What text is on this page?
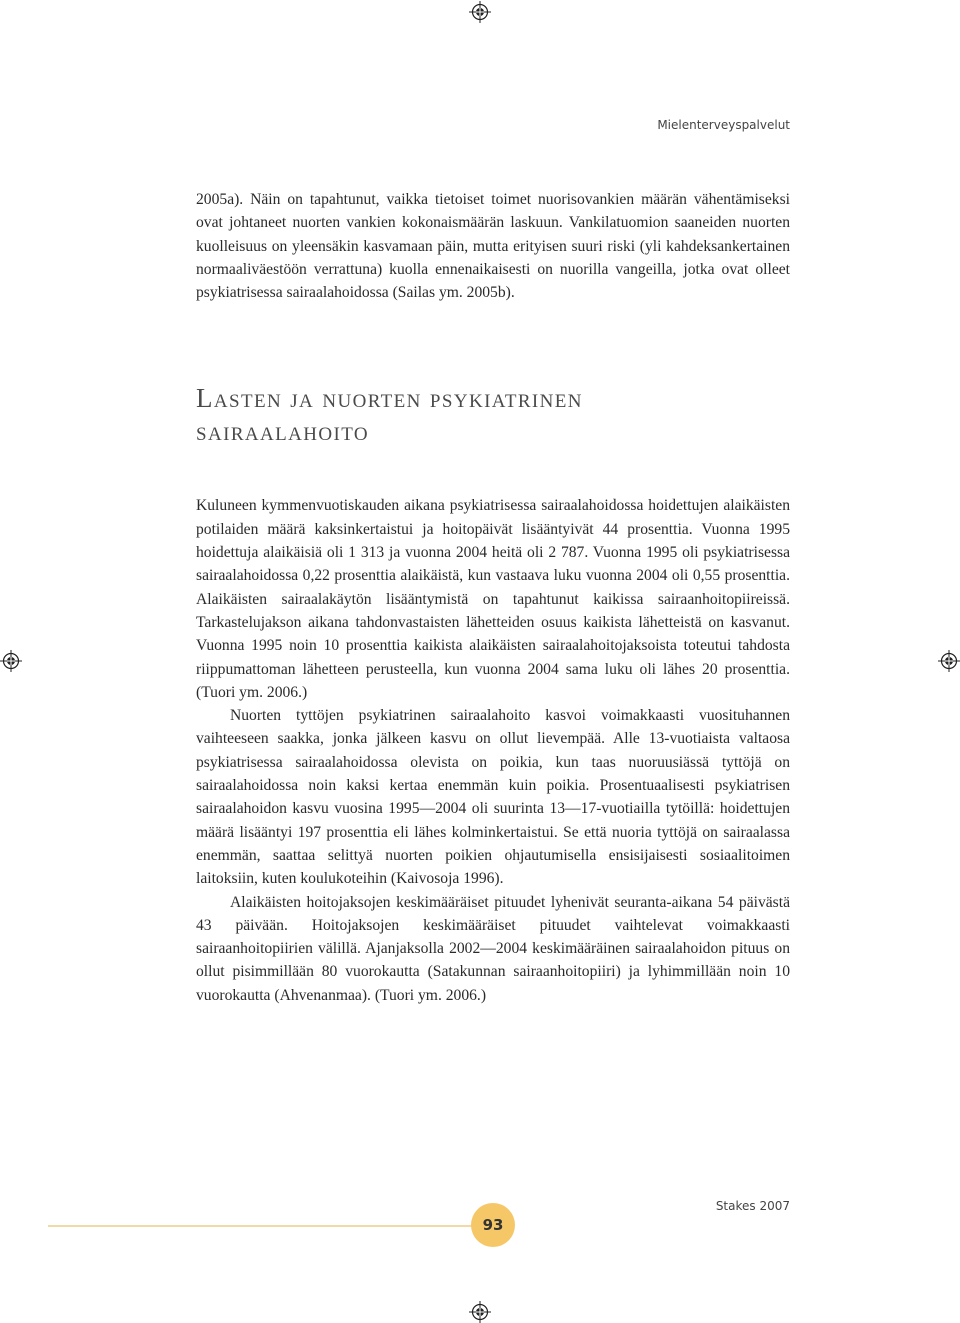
Mielenterveyspalvelut

2005a). Näin on tapahtunut, vaikka tietoiset toimet nuorisovankien määrän vähentämiseksi ovat johtaneet nuorten vankien kokonaismäärän laskuun. Vankilatuomion saaneiden nuorten kuolleisuus on yleensäkin kasvamaan päin, mutta erityisen suuri riski (yli kahdeksankertainen normaaliväestöön verrattuna) kuolla ennenaikaisesti on nuorilla vangeilla, jotka ovat olleet psykiatrisessa sairaalahoidossa (Sailas ym. 2005b).

Lasten ja nuorten psykiatrinen sairaalahoito

Kuluneen kymmenvuotiskauden aikana psykiatrisessa sairaalahoidossa hoidettujen alaikäisten potilaiden määrä kaksinkertaistui ja hoitopäivät lisääntyivät 44 prosenttia. Vuonna 1995 hoidettuja alaikäisiä oli 1 313 ja vuonna 2004 heitä oli 2 787. Vuonna 1995 oli psykiatrisessa sairaalahoidossa 0,22 prosenttia alaikäistä, kun vastaava luku vuonna 2004 oli 0,55 prosenttia. Alaikäisten sairaalakäytön lisääntymistä on tapahtunut kaikissa sairaanhoitopiireissä. Tarkastelujakson aikana tahdonvastaisten lähetteiden osuus kaikista lähetteistä on kasvanut. Vuonna 1995 noin 10 prosenttia kaikista alaikäisten sairaalahoitojaksoista toteutui tahdosta riippumattoman lähetteen perusteella, kun vuonna 2004 sama luku oli lähes 20 prosenttia. (Tuori ym. 2006.)

Nuorten tyttöjen psykiatrinen sairaalahoito kasvoi voimakkaasti vuosituhannen vaihteeseen saakka, jonka jälkeen kasvu on ollut lievempää. Alle 13-vuotiaista valtaosa psykiatrisessa sairaalahoidossa olevista on poikia, kun taas nuoruusiässä tyttöjä on sairaalahoidossa noin kaksi kertaa enemmän kuin poikia. Prosentuaalisesti psykiatrisen sairaalahoidon kasvu vuosina 1995—2004 oli suurinta 13—17-vuotiailla tytöillä: hoidettujen määrä lisääntyi 197 prosenttia eli lähes kolminkertaistui. Se että nuoria tyttöjä on sairaalassa enemmän, saattaa selittyä nuorten poikien ohjautumisella ensisijaisesti sosiaalitoimen laitoksiin, kuten koulukoteihin (Kaivosoja 1996).

Alaikäisten hoitojaksojen keskimääräiset pituudet lyhenivät seuranta-aikana 54 päivästä 43 päivään. Hoitojaksojen keskimääräiset pituudet vaihtelevat voimakkaasti sairaanhoitopiirien välillä. Ajanjaksolla 2002—2004 keskimääräinen sairaalahoidon pituus on ollut pisimmillään 80 vuorokautta (Satakunnan sairaanhoitopiiri) ja lyhimmillään noin 10 vuorokautta (Ahvenanmaa). (Tuori ym. 2006.)

93
Stakes 2007
